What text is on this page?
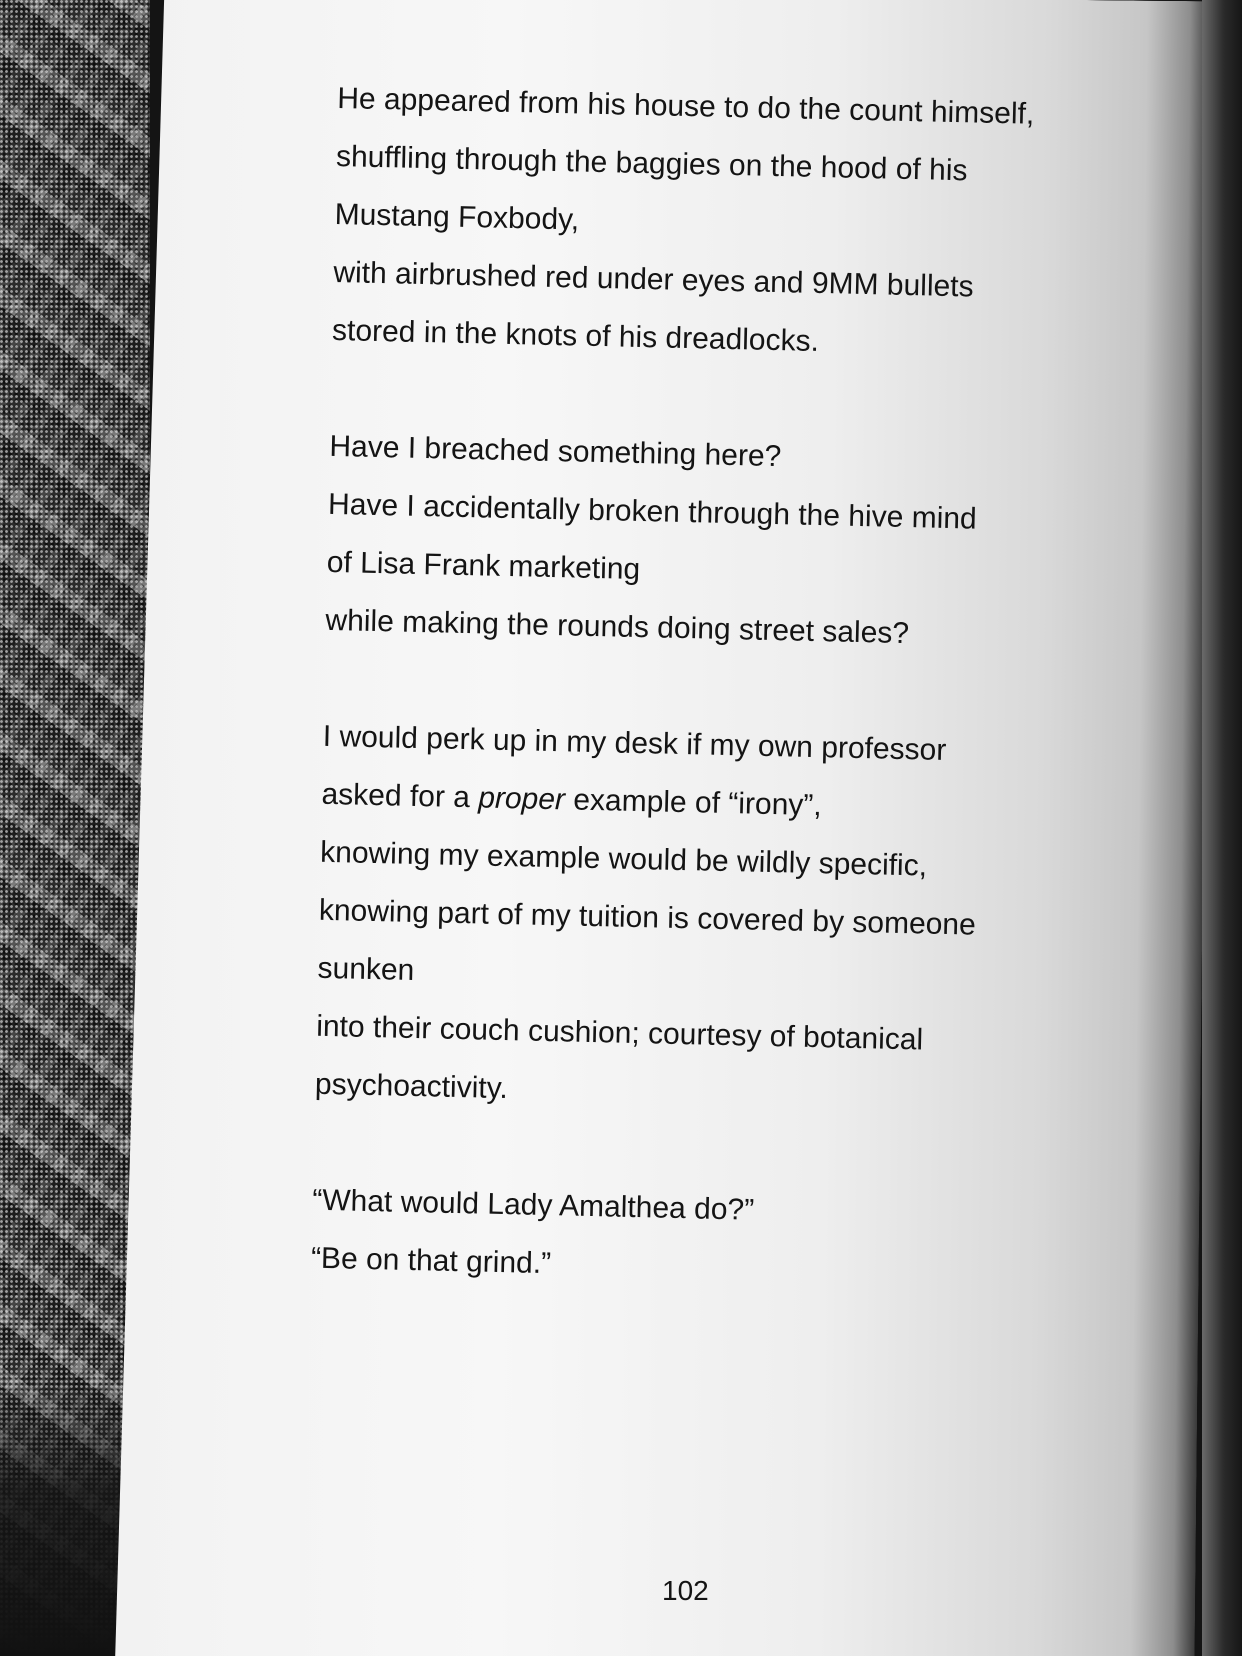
He appeared from his house to do the count himself,
shuffling through the baggies on the hood of his
Mustang Foxbody,
with airbrushed red under eyes and 9MM bullets
stored in the knots of his dreadlocks.
Have I breached something here?
Have I accidentally broken through the hive mind
of Lisa Frank marketing
while making the rounds doing street sales?
I would perk up in my desk if my own professor
asked for a proper example of “irony”,
knowing my example would be wildly specific,
knowing part of my tuition is covered by someone
sunken
into their couch cushion; courtesy of botanical
psychoactivity.
“What would Lady Amalthea do?”
“Be on that grind.”
102
